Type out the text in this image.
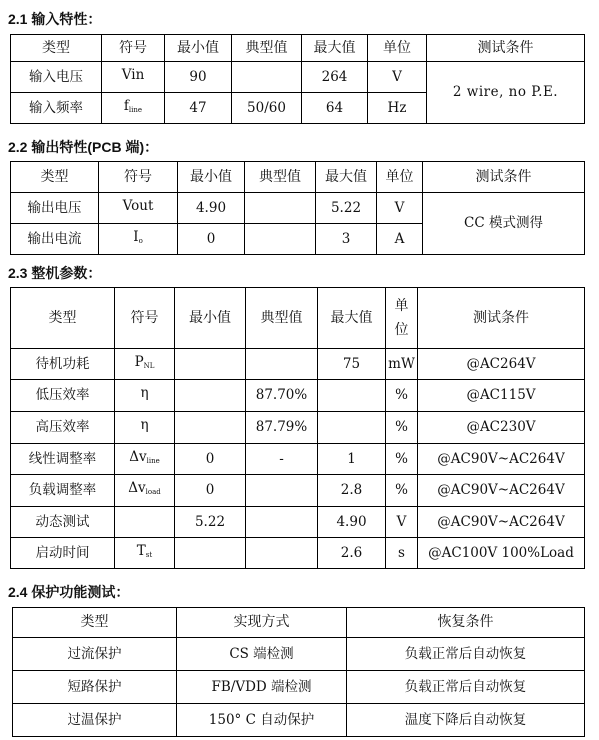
2.1 输入特性：
类型	符号	最小值	典型值	最大值	单位	测试条件
输入电压	Vin	90		264	V	2 wire, no P.E.
输入频率	$f_{line}$	47	50/60	64	Hz	
2.2 输出特性(PCB 端)：
类型	符号	最小值	典型值	最大值	单位	测试条件
输出电压	Vout	4.90		5.22	V	CC 模式测得
输出电流	$I_o$	0		3	A	
2.3 整机参数：
类型	符号	最小值	典型值	最大值	单位	测试条件
待机功耗	$P_{NL}$			75	mW	@AC264V
低压效率	η		87.70%		%	@AC115V
高压效率	η		87.79%		%	@AC230V
线性调整率	$\Delta v_{line}$	0	-	1	%	@AC90V~AC264V
负载调整率	$\Delta v_{load}$	0		2.8	%	@AC90V~AC264V
动态测试		5.22		4.90	V	@AC90V~AC264V
启动时间	$T_{st}$			2.6	s	@AC100V 100%Load
2.4 保护功能测试：
类型	实现方式	恢复条件
过流保护	CS 端检测	负载正常后自动恢复
短路保护	FB/VDD 端检测	负载正常后自动恢复
过温保护	150° C 自动保护	温度下降后自动恢复
